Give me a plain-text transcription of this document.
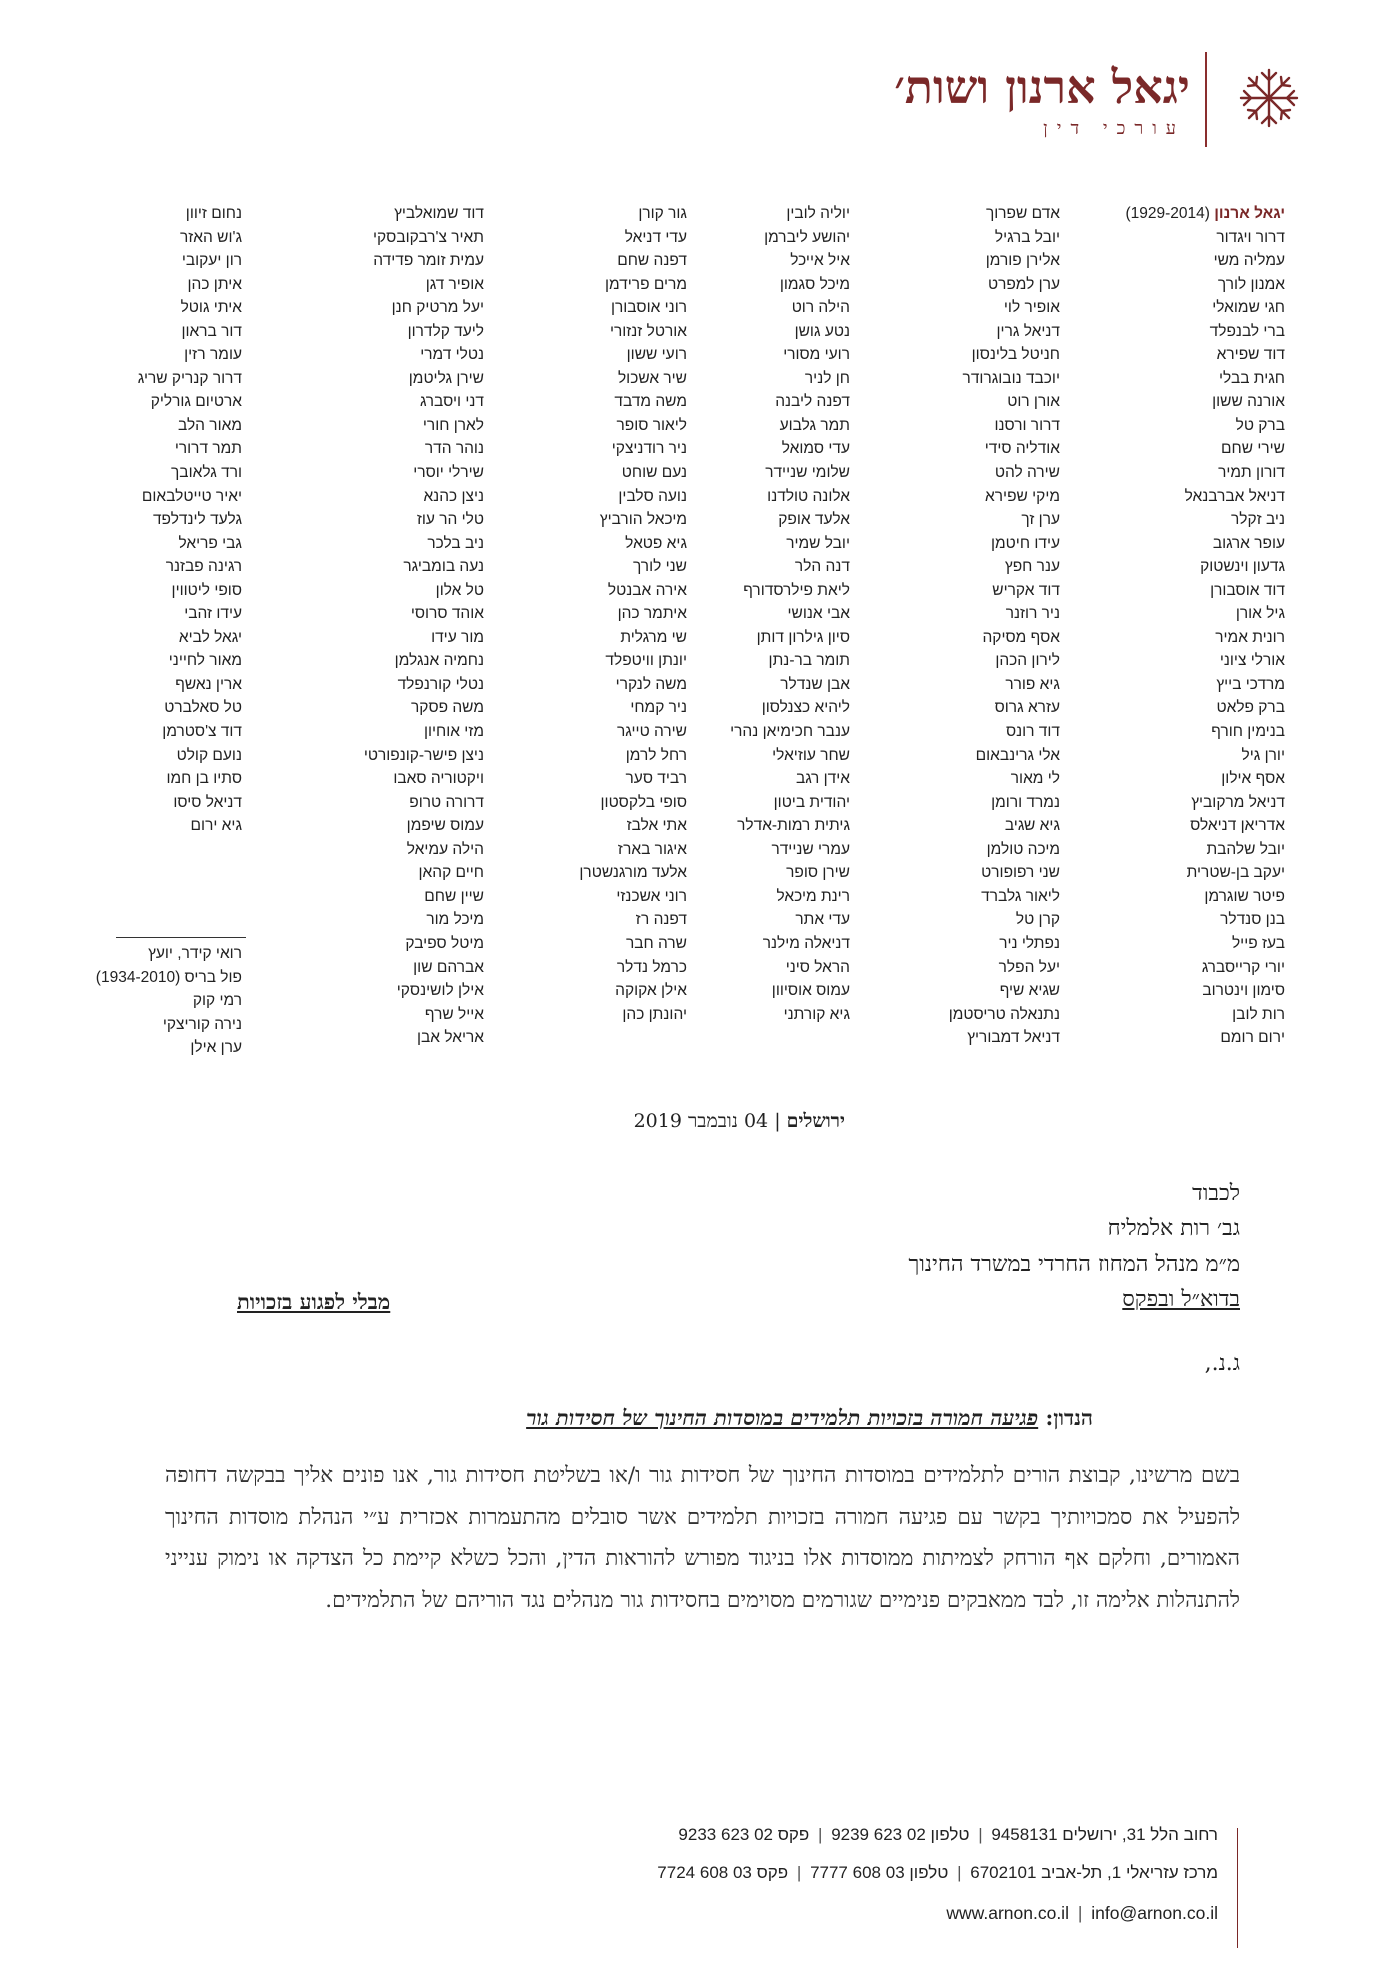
יגאל ארנון ושות׳
עורכי דין
יגאל ארנון (1929-2014)
דרור ויגדור
עמליה משי
אמנון לורך
חגי שמואלי
ברי לבנפלד
דוד שפירא
חגית בבלי
אורנה ששון
ברק טל
שירי שחם
דורון תמיר
דניאל אברבנאל
ניב זקלר
עופר ארגוב
גדעון וינשטוק
דוד אוסבורן
גיל אורן
רונית אמיר
אורלי ציוני
מרדכי בייץ
ברק פלאט
בנימין חורף
יורן גיל
אסף אילון
דניאל מרקוביץ
אדריאן דניאלס
יובל שלהבת
יעקב בן-שטרית
פיטר שוגרמן
בנן סנדלר
בעז פייל
יורי קרייסברג
סימון וינטרוב
רות לובן
ירום רומם
אדם שפרוך
יובל ברגיל
אלירן פורמן
ערן למפרט
אופיר לוי
דניאל גרין
חניטל בלינסון
יוכבד נובוגרודר
אורן רוט
דרור ורסנו
אודליה סידי
שירה להט
מיקי שפירא
ערן זך
עידו חיטמן
ענר חפץ
דוד אקריש
ניר רוזנר
אסף מסיקה
לירון הכהן
גיא פורר
עזרא גרוס
דוד רונס
אלי גרינבאום
לי מאור
נמרד ורומן
גיא שגיב
מיכה טולמן
שני רפופורט
ליאור גלברד
קרן טל
נפתלי ניר
יעל הפלר
שגיא שיף
נתנאלה טריסטמן
דניאל דמבוריץ
יוליה לובין
יהושע ליברמן
איל אייכל
מיכל סגמון
הילה רוט
נטע גושן
רועי מסורי
חן לניר
דפנה ליבנה
תמר גלבוע
עדי סמואל
שלומי שניידר
אלונה טולדנו
אלעד אופק
יובל שמיר
דנה הלר
ליאת פילרסדורף
אבי אנושי
סיון גילרון דותן
תומר בר-נתן
אבן שנדלר
ליהיא כצנלסון
ענבר חכימיאן נהרי
שחר עוזיאלי
אידן רגב
יהודית ביטון
גיתית רמות-אדלר
עמרי שניידר
שירן סופר
רינת מיכאל
עדי אתר
דניאלה מילנר
הראל סיני
עמוס אוסיוון
גיא קורתני
גור קורן
עדי דניאל
דפנה שחם
מרים פרידמן
רוני אוסבורן
אורטל זנזורי
רועי ששון
שיר אשכול
משה מדבד
ליאור סופר
ניר רודניצקי
נעם שוחט
נועה סלבין
מיכאל הורביץ
גיא פטאל
שני לורך
אירה אבנטל
איתמר כהן
שי מרגלית
יונתן וויטפלד
משה לנקרי
ניר קמחי
שירה טייגר
רחל לרמן
רביד סער
סופי בלקסטון
אתי אלבז
איגור בארז
אלעד מורגנשטרן
רוני אשכנזי
דפנה רז
שרה חבר
כרמל נדלר
אילן אקוקה
יהונתן כהן
דוד שמואלביץ
תאיר צ'רבקובסקי
עמית זומר פדידה
אופיר דגן
יעל מרטיק חנן
ליעד קלדרון
נטלי דמרי
שירן גליטמן
דני ויסברג
לארן חורי
נוהר הדר
שירלי יוסרי
ניצן כהנא
טלי הר עוז
ניב בלכר
נעה בומביגר
טל אלון
אוהד סרוסי
מור עידו
נחמיה אנגלמן
נטלי קורנפלד
משה פסקר
מזי אוחיון
ניצן פישר-קונפורטי
ויקטוריה סאבו
דרורה טרופ
עמוס שיפמן
הילה עמיאל
חיים קהאן
שיין שחם
מיכל מור
מיטל ספיבק
אברהם שון
אילן לושינסקי
אייל שרף
אריאל אבן
נחום זיוון
ג'וש האזר
רון יעקובי
איתן כהן
איתי גוטל
דור בראון
עומר רזין
דרור קנריק שריג
ארטיום גורליק
מאור הלב
תמר דרורי
ורד גלאובך
יאיר טייטלבאום
גלעד לינדלפד
גבי פריאל
רגינה פבזנר
סופי ליטווין
עידו זהבי
יגאל לביא
מאור לחייני
ארין נאשף
טל סאלברט
דוד צ'סטרמן
נועם קולט
סתיו בן חמו
דניאל סיסו
גיא ירום
רואי קידר, יועץ
פול בריס (1934-2010)
רמי קוק
נירה קוריצקי
ערן אילן
ירושלים | 04 נובמבר 2019
לכבוד
גב׳ רות אלמליח
מ״מ מנהל המחוז החרדי במשרד החינוך
בדוא״ל ובפקס
מבלי לפגוע בזכויות
ג.נ.,
הנדון: פגיעה חמורה בזכויות תלמידים במוסדות החינוך של חסידות גור
בשם מרשינו, קבוצת הורים לתלמידים במוסדות החינוך של חסידות גור ו/או בשליטת חסידות גור, אנו פונים אליך בבקשה דחופה להפעיל את סמכויותיך בקשר עם פגיעה חמורה בזכויות תלמידים אשר סובלים מהתעמרות אכזרית ע״י הנהלת מוסדות החינוך האמורים, וחלקם אף הורחק לצמיתות ממוסדות אלו בניגוד מפורש להוראות הדין, והכל כשלא קיימת כל הצדקה או נימוק ענייני להתנהלות אלימה זו, לבד ממאבקים פנימיים שגורמים מסוימים בחסידות גור מנהלים נגד הוריהם של התלמידים.
רחוב הלל 31, ירושלים 9458131 | טלפון 02 623 9239 | פקס 02 623 9233
מרכז עזריאלי 1, תל-אביב 6702101 | טלפון 03 608 7777 | פקס 03 608 7724
www.arnon.co.il | info@arnon.co.il
